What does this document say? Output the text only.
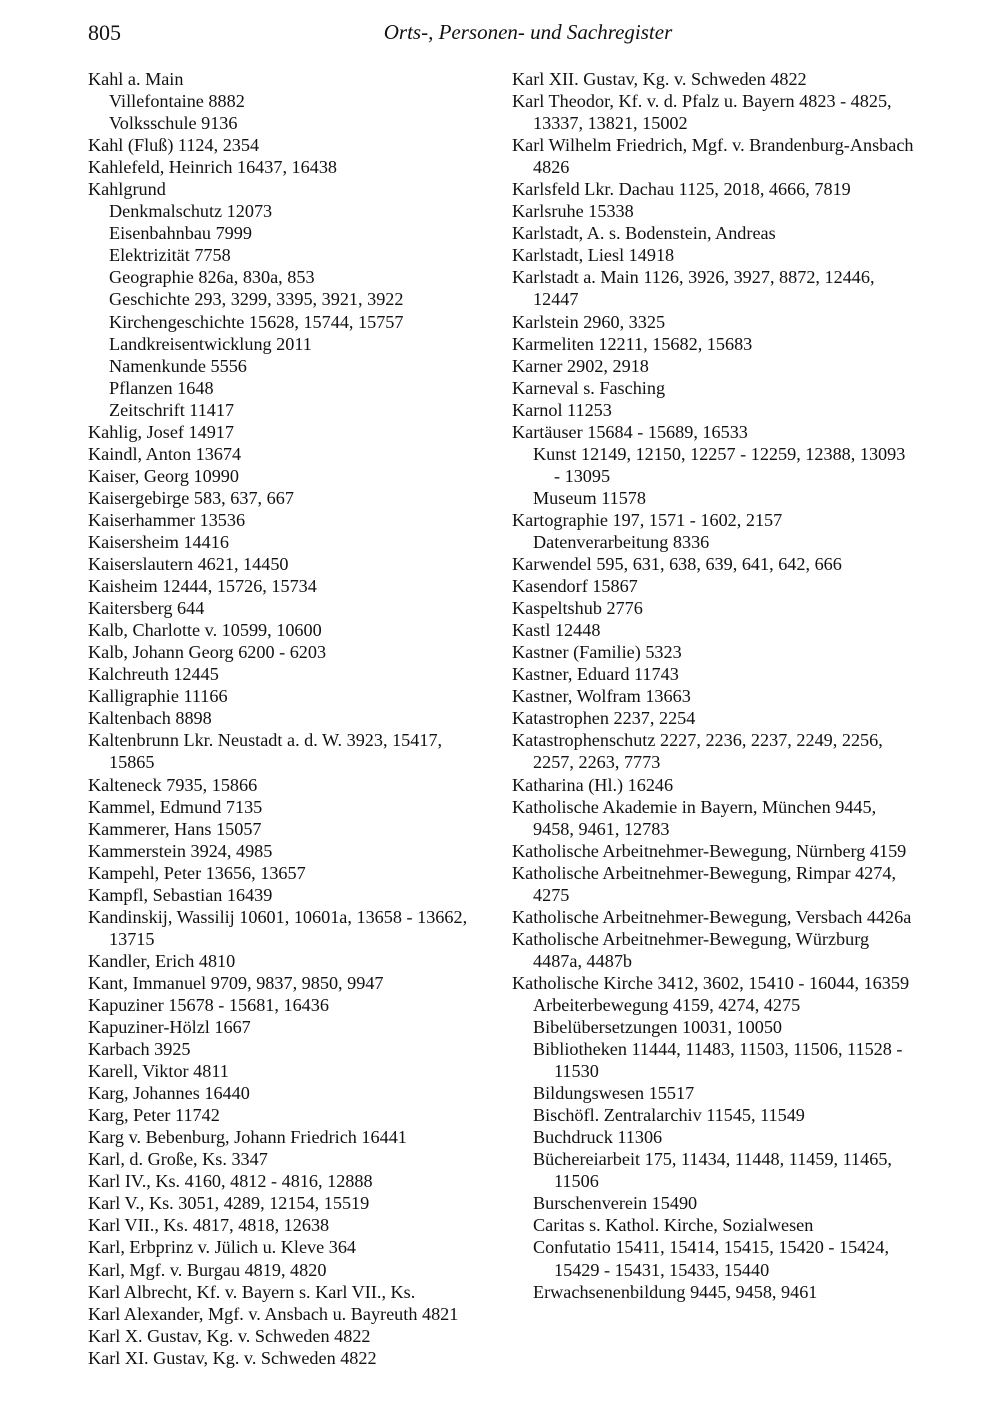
805	Orts-, Personen- und Sachregister

Kahl a. Main

Villefontaine 8882

Volksschule 9136

Kahl (Fluß) 1124, 2354

Kahlefeld, Heinrich 16437, 16438

Kahlgrund

Denkmalschutz 12073

Eisenbahnbau 7999

Elektrizität 7758

Geographie 826a, 830a, 853

Geschichte 293, 3299, 3395, 3921, 3922

Kirchengeschichte 15628, 15744, 15757

Landkreisentwicklung 2011

Namenkunde 5556

Pflanzen 1648

Zeitschrift 11417

Kahlig, Josef 14917

Kaindl, Anton 13674

Kaiser, Georg 10990

Kaisergebirge 583, 637, 667

Kaiserhammer 13536

Kaisersheim 14416

Kaiserslautern 4621, 14450

Kaisheim 12444, 15726, 15734

Kaitersberg 644

Kalb, Charlotte v. 10599, 10600

Kalb, Johann Georg 6200 - 6203

Kalchreuth 12445

Kalligraphie 11166

Kaltenbach 8898

Kaltenbrunn Lkr. Neustadt a. d. W. 3923, 15417, 15865

Kalteneck 7935, 15866

Kammel, Edmund 7135

Kammerer, Hans 15057

Kammerstein 3924, 4985

Kampehl, Peter 13656, 13657

Kampfl, Sebastian 16439

Kandinskij, Wassilij 10601, 10601a, 13658 - 13662, 13715

Kandler, Erich 4810

Kant, Immanuel 9709, 9837, 9850, 9947

Kapuziner 15678 - 15681, 16436

Kapuziner-Hölzl 1667

Karbach 3925

Karell, Viktor 4811

Karg, Johannes 16440

Karg, Peter 11742

Karg v. Bebenburg, Johann Friedrich 16441

Karl, d. Große, Ks. 3347

Karl IV., Ks. 4160, 4812 - 4816, 12888

Karl V., Ks. 3051, 4289, 12154, 15519

Karl VII., Ks. 4817, 4818, 12638

Karl, Erbprinz v. Jülich u. Kleve 364

Karl, Mgf. v. Burgau 4819, 4820

Karl Albrecht, Kf. v. Bayern s. Karl VII., Ks.

Karl Alexander, Mgf. v. Ansbach u. Bayreuth 4821

Karl X. Gustav, Kg. v. Schweden 4822

Karl XI. Gustav, Kg. v. Schweden 4822

Karl XII. Gustav, Kg. v. Schweden 4822

Karl Theodor, Kf. v. d. Pfalz u. Bayern 4823 - 4825, 13337, 13821, 15002

Karl Wilhelm Friedrich, Mgf. v. Brandenburg-Ansbach 4826

Karlsfeld Lkr. Dachau 1125, 2018, 4666, 7819

Karlsruhe 15338

Karlstadt, A. s. Bodenstein, Andreas

Karlstadt, Liesl 14918

Karlstadt a. Main 1126, 3926, 3927, 8872, 12446, 12447

Karlstein 2960, 3325

Karmeliten 12211, 15682, 15683

Karner 2902, 2918

Karneval s. Fasching

Karnol 11253

Kartäuser 15684 - 15689, 16533

Kunst 12149, 12150, 12257 - 12259, 12388, 13093 - 13095

Museum 11578

Kartographie 197, 1571 - 1602, 2157

Datenverarbeitung 8336

Karwendel 595, 631, 638, 639, 641, 642, 666

Kasendorf 15867

Kaspeltshub 2776

Kastl 12448

Kastner (Familie) 5323

Kastner, Eduard 11743

Kastner, Wolfram 13663

Katastrophen 2237, 2254

Katastrophenschutz 2227, 2236, 2237, 2249, 2256, 2257, 2263, 7773

Katharina (Hl.) 16246

Katholische Akademie in Bayern, München 9445, 9458, 9461, 12783

Katholische Arbeitnehmer-Bewegung, Nürnberg 4159

Katholische Arbeitnehmer-Bewegung, Rimpar 4274, 4275

Katholische Arbeitnehmer-Bewegung, Versbach 4426a

Katholische Arbeitnehmer-Bewegung, Würzburg 4487a, 4487b

Katholische Kirche 3412, 3602, 15410 - 16044, 16359

Arbeiterbewegung 4159, 4274, 4275

Bibelübersetzungen 10031, 10050

Bibliotheken 11444, 11483, 11503, 11506, 11528 - 11530

Bildungswesen 15517

Bischöfl. Zentralarchiv 11545, 11549

Buchdruck 11306

Büchereiarbeit 175, 11434, 11448, 11459, 11465, 11506

Burschenverein 15490

Caritas s. Kathol. Kirche, Sozialwesen

Confutatio 15411, 15414, 15415, 15420 - 15424, 15429 - 15431, 15433, 15440

Erwachsenenbildung 9445, 9458, 9461
